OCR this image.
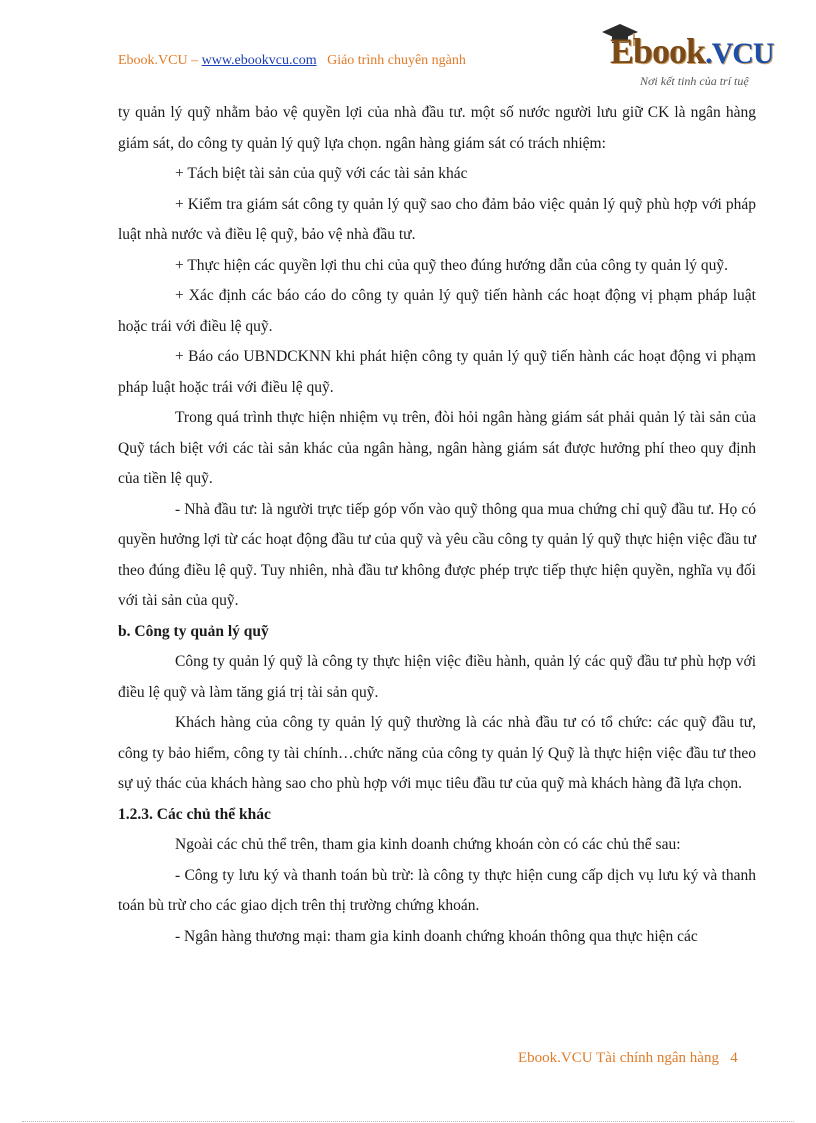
Ebook.VCU – www.ebookvcu.com Giáo trình chuyên ngành	Ebook.VCU
Nơi kết tinh của trí tuệ

ty quản lý quỹ nhằm bảo vệ quyền lợi của nhà đầu tư. một số nước người lưu giữ CK là ngân hàng giám sát, do công ty quản lý quỹ lựa chọn. ngân hàng giám sát có trách nhiệm:

+ Tách biệt tài sản của quỹ với các tài sản khác

+ Kiểm tra giám sát công ty quản lý quỹ sao cho đảm bảo việc quản lý quỹ phù hợp với pháp luật nhà nước và điều lệ quỹ, bảo vệ nhà đầu tư.

+ Thực hiện các quyền lợi thu chi của quỹ theo đúng hướng dẫn của công ty quản lý quỹ.

+ Xác định các báo cáo do công ty quản lý quỹ tiến hành các hoạt động vị phạm pháp luật hoặc trái với điều lệ quỹ.

+ Báo cáo UBNDCKNN khi phát hiện công ty quản lý quỹ tiến hành các hoạt động vi phạm pháp luật hoặc trái với điều lệ quỹ.

Trong quá trình thực hiện nhiệm vụ trên, đòi hỏi ngân hàng giám sát phải quản lý tài sản của Quỹ tách biệt với các tài sản khác của ngân hàng, ngân hàng giám sát được hưởng phí theo quy định của tiền lệ quỹ.

- Nhà đầu tư: là người trực tiếp góp vốn vào quỹ thông qua mua chứng chỉ quỹ đầu tư. Họ có quyền hưởng lợi từ các hoạt động đầu tư của quỹ và yêu cầu công ty quản lý quỹ thực hiện việc đầu tư theo đúng điều lệ quỹ. Tuy nhiên, nhà đầu tư không được phép trực tiếp thực hiện quyền, nghĩa vụ đối với tài sản của quỹ.

b. Công ty quản lý quỹ

Công ty quản lý quỹ là công ty thực hiện việc điều hành, quản lý các quỹ đầu tư phù hợp với điều lệ quỹ và làm tăng giá trị tài sản quỹ.

Khách hàng của công ty quản lý quỹ thường là các nhà đầu tư có tổ chức: các quỹ đầu tư, công ty bảo hiểm, công ty tài chính…chức năng của công ty quản lý Quỹ là thực hiện việc đầu tư theo sự uỷ thác của khách hàng sao cho phù hợp với mục tiêu đầu tư của quỹ mà khách hàng đã lựa chọn.

1.2.3. Các chủ thể khác

Ngoài các chủ thể trên, tham gia kinh doanh chứng khoán còn có các chủ thể sau:

- Công ty lưu ký và thanh toán bù trừ: là công ty thực hiện cung cấp dịch vụ lưu ký và thanh toán bù trừ cho các giao dịch trên thị trường chứng khoán.

- Ngân hàng thương mại: tham gia kinh doanh chứng khoán thông qua thực hiện các

Ebook.VCU Tài chính ngân hàng 4
